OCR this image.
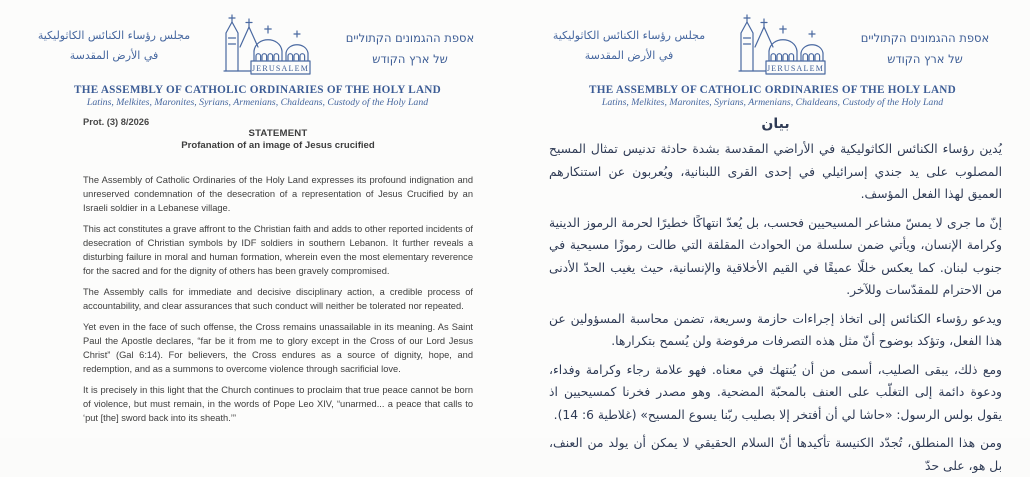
مجلس رؤساء الكنائس الكاثوليكية
في الأرض المقدسة
JERUSALEM
אספת ההגמונים הקתוליים
של ארץ הקודש
THE ASSEMBLY OF CATHOLIC ORDINARIES OF THE HOLY LAND
Latins, Melkites, Maronites, Syrians, Armenians, Chaldeans, Custody of the Holy Land
Prot. (3) 8/2026
STATEMENT
Profanation of an image of Jesus crucified

The Assembly of Catholic Ordinaries of the Holy Land expresses its profound indignation and unreserved condemnation of the desecration of a representation of Jesus Crucified by an Israeli soldier in a Lebanese village.

This act constitutes a grave affront to the Christian faith and adds to other reported incidents of desecration of Christian symbols by IDF soldiers in southern Lebanon. It further reveals a disturbing failure in moral and human formation, wherein even the most elementary reverence for the sacred and for the dignity of others has been gravely compromised.

The Assembly calls for immediate and decisive disciplinary action, a credible process of accountability, and clear assurances that such conduct will neither be tolerated nor repeated.

Yet even in the face of such offense, the Cross remains unassailable in its meaning. As Saint Paul the Apostle declares, “far be it from me to glory except in the Cross of our Lord Jesus Christ” (Gal 6:14). For believers, the Cross endures as a source of dignity, hope, and redemption, and as a summons to overcome violence through sacrificial love.

It is precisely in this light that the Church continues to proclaim that true peace cannot be born of violence, but must remain, in the words of Pope Leo XIV, “unarmed... a peace that calls to ‘put [the] sword back into its sheath.’”

مجلس رؤساء الكنائس الكاثوليكية
في الأرض المقدسة
JERUSALEM
אספת ההגמונים הקתוליים
של ארץ הקודש
THE ASSEMBLY OF CATHOLIC ORDINARIES OF THE HOLY LAND
Latins, Melkites, Maronites, Syrians, Armenians, Chaldeans, Custody of the Holy Land
بيان

يُدين رؤساء الكنائس الكاثوليكية في الأراضي المقدسة بشدة حادثة تدنيس تمثال المسيح المصلوب على يد جندي إسرائيلي في إحدى القرى اللبنانية، ويُعربون عن استنكارهم العميق لهذا الفعل المؤسف.

إنّ ما جرى لا يمسّ مشاعر المسيحيين فحسب، بل يُعدّ انتهاكًا خطيرًا لحرمة الرموز الدينية وكرامة الإنسان، ويأتي ضمن سلسلة من الحوادث المقلقة التي طالت رموزًا مسيحية في جنوب لبنان. كما يعكس خللًا عميقًا في القيم الأخلاقية والإنسانية، حيث يغيب الحدّ الأدنى من الاحترام للمقدّسات وللآخر.

ويدعو رؤساء الكنائس إلى اتخاذ إجراءات حازمة وسريعة، تضمن محاسبة المسؤولين عن هذا الفعل، وتؤكد بوضوح أنّ مثل هذه التصرفات مرفوضة ولن يُسمح بتكرارها.

ومع ذلك، يبقى الصليب، أسمى من أن يُنتهك في معناه. فهو علامة رجاء وكرامة وفداء، ودعوة دائمة إلى التغلّب على العنف بالمحبّة المضحية. وهو مصدر فخرنا كمسيحيين اذ يقول بولس الرسول: «حاشا لي أن أفتخر إلا بصليب ربّنا يسوع المسيح» (غلاطية 6: 14).

ومن هذا المنطلق، تُجدّد الكنيسة تأكيدها أنّ السلام الحقيقي لا يمكن أن يولد من العنف، بل هو، على حدّ
